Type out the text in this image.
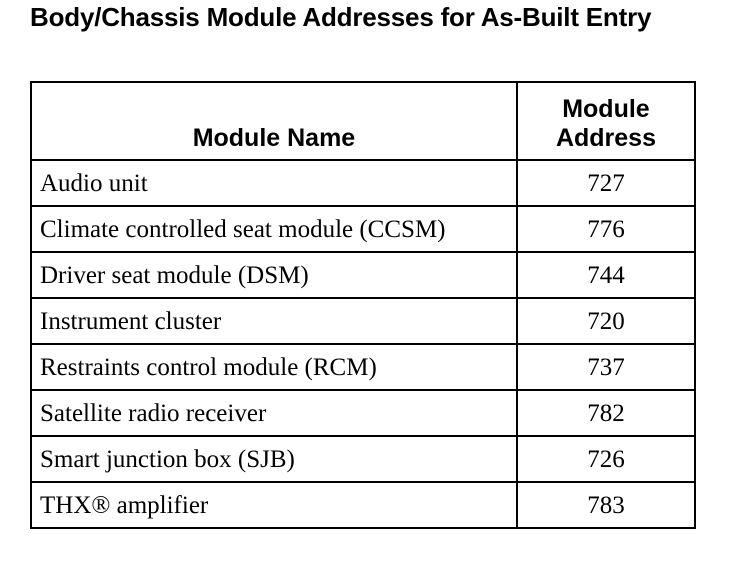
Body/Chassis Module Addresses for As-Built Entry
Module Name	Module Address
Audio unit	727
Climate controlled seat module (CCSM)	776
Driver seat module (DSM)	744
Instrument cluster	720
Restraints control module (RCM)	737
Satellite radio receiver	782
Smart junction box (SJB)	726
THX® amplifier	783
